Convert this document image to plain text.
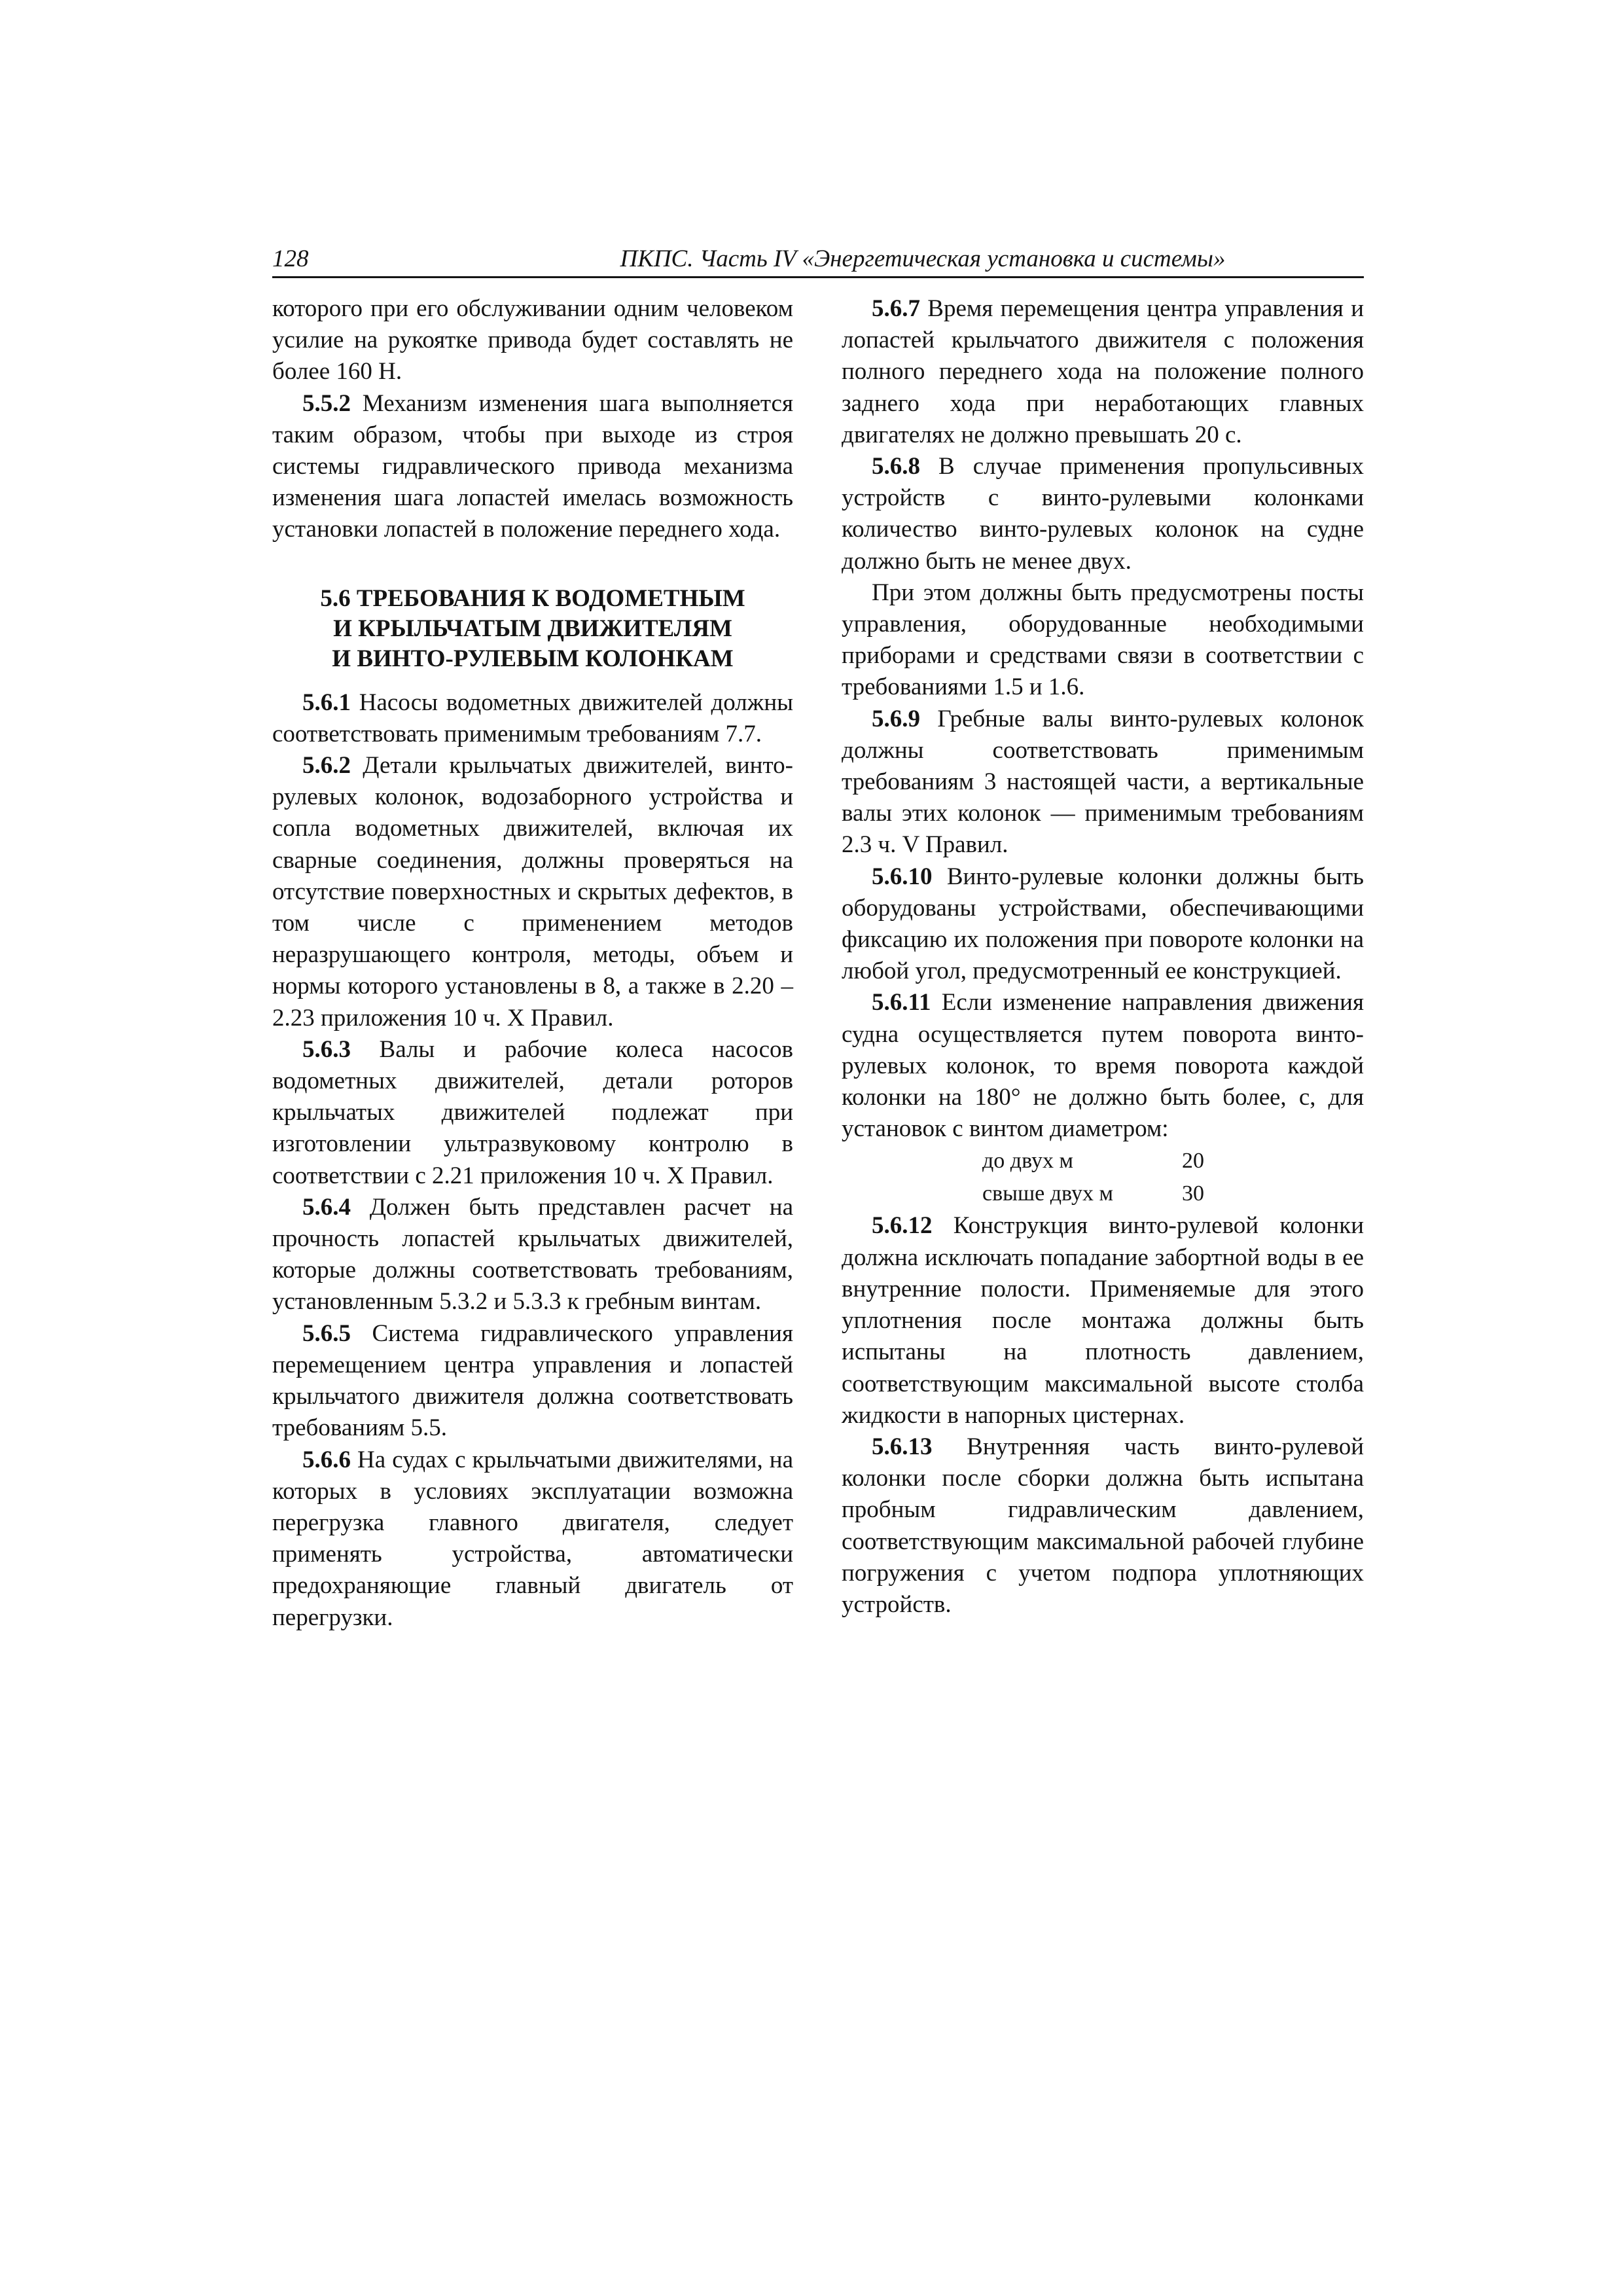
128	ПКПС. Часть IV «Энергетическая установка и системы»

которого при его обслуживании одним человеком усилие на рукоятке привода будет составлять не более 160 Н.

5.5.2 Механизм изменения шага выполняется таким образом, чтобы при выходе из строя системы гидравлического привода механизма изменения шага лопастей имелась возможность установки лопастей в положение переднего хода.

5.6 ТРЕБОВАНИЯ К ВОДОМЕТНЫМ
И КРЫЛЬЧАТЫМ ДВИЖИТЕЛЯМ
И ВИНТО-РУЛЕВЫМ КОЛОНКАМ

5.6.1 Насосы водометных движителей должны соответствовать применимым требованиям 7.7.

5.6.2 Детали крыльчатых движителей, винто-рулевых колонок, водозаборного устройства и сопла водометных движителей, включая их сварные соединения, должны проверяться на отсутствие поверхностных и скрытых дефектов, в том числе с применением методов неразрушающего контроля, методы, объем и нормы которого установлены в 8, а также в 2.20 – 2.23 приложения 10 ч. X Правил.

5.6.3 Валы и рабочие колеса насосов водометных движителей, детали роторов крыльчатых движителей подлежат при изготовлении ультразвуковому контролю в соответствии с 2.21 приложения 10 ч. X Правил.

5.6.4 Должен быть представлен расчет на прочность лопастей крыльчатых движителей, которые должны соответствовать требованиям, установленным 5.3.2 и 5.3.3 к гребным винтам.

5.6.5 Система гидравлического управления перемещением центра управления и лопастей крыльчатого движителя должна соответствовать требованиям 5.5.

5.6.6 На судах с крыльчатыми движителями, на которых в условиях эксплуатации возможна перегрузка главного двигателя, следует применять устройства, автоматически предохраняющие главный двигатель от перегрузки.

5.6.7 Время перемещения центра управления и лопастей крыльчатого движителя с положения полного переднего хода на положение полного заднего хода при неработающих главных двигателях не должно превышать 20 с.

5.6.8 В случае применения пропульсивных устройств с винто-рулевыми колонками количество винто-рулевых колонок на судне должно быть не менее двух.

При этом должны быть предусмотрены посты управления, оборудованные необходимыми приборами и средствами связи в соответствии с требованиями 1.5 и 1.6.

5.6.9 Гребные валы винто-рулевых колонок должны соответствовать применимым требованиям 3 настоящей части, а вертикальные валы этих колонок — применимым требованиям 2.3 ч. V Правил.

5.6.10 Винто-рулевые колонки должны быть оборудованы устройствами, обеспечивающими фиксацию их положения при повороте колонки на любой угол, предусмотренный ее конструкцией.

5.6.11 Если изменение направления движения судна осуществляется путем поворота винто-рулевых колонок, то время поворота каждой колонки на 180° не должно быть более, с, для установок с винтом диаметром:

до двух м	20
свыше двух м	30

5.6.12 Конструкция винто-рулевой колонки должна исключать попадание забортной воды в ее внутренние полости. Применяемые для этого уплотнения после монтажа должны быть испытаны на плотность давлением, соответствующим максимальной высоте столба жидкости в напорных цистернах.

5.6.13 Внутренняя часть винто-рулевой колонки после сборки должна быть испытана пробным гидравлическим давлением, соответствующим максимальной рабочей глубине погружения с учетом подпора уплотняющих устройств.
